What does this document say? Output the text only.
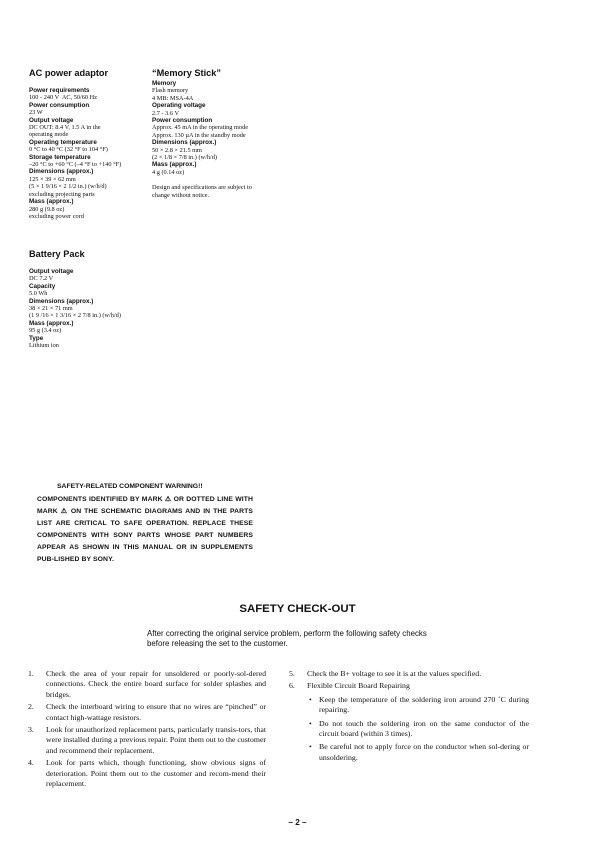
AC power adaptor
Power requirements
100 - 240 V  AC, 50/60 Hz
Power consumption
23 W
Output voltage
DC OUT: 8.4 V, 1.5 A in the
operating mode
Operating temperature
0 °C to 40 °C (32 °F to 104 °F)
Storage temperature
–20 °C to +60 °C (–4 °F to +140 °F)
Dimensions (approx.)
125 × 39 × 62 mm
(5 × 1 9/16 × 2 1/2 in.) (w/h/d)
excluding projecting parts
Mass (approx.)
280 g (9.8 oz)
excluding power cord
“Memory Stick”
Memory
Flash memory
4 MB: MSA-4A
Operating voltage
2.7 - 3.6 V
Power consumption
Approx. 45 mA in the operating mode
Approx. 130 µA in the standby mode
Dimensions (approx.)
50 × 2.8 × 21.5 mm
(2 × 1/8 × 7/8 in.) (w/h/d)
Mass (approx.)
4 g (0.14 oz)
Design and specifications are subject to
change without notice.
Battery Pack
Output voltage
DC 7.2 V
Capacity
5.0 Wh
Dimensions (approx.)
38 × 21 × 71 mm
(1 9 /16 × 1 3/16 × 2 7/8 in.) (w/h/d)
Mass (approx.)
95 g (3.4 oz)
Type
Lithium ion
SAFETY-RELATED COMPONENT WARNING!!
COMPONENTS IDENTIFIED BY MARK ⚠ OR DOTTED LINE WITH MARK ⚠ ON THE SCHEMATIC DIAGRAMS AND IN THE PARTS LIST ARE CRITICAL TO SAFE OPERATION. REPLACE THESE COMPONENTS WITH SONY PARTS WHOSE PART NUMBERS APPEAR AS SHOWN IN THIS MANUAL OR IN SUPPLEMENTS PUB-LISHED BY SONY.
SAFETY CHECK-OUT
After correcting the original service problem, perform the following safety checks before releasing the set to the customer.
1. Check the area of your repair for unsoldered or poorly-sol-dered connections. Check the entire board surface for solder splashes and bridges.
2. Check the interboard wiring to ensure that no wires are “pinched” or contact high-wattage resistors.
3. Look for unauthorized replacement parts, particularly transis-tors, that were installed during a previous repair. Point them out to the customer and recommend their replacement.
4. Look for parts which, though functioning, show obvious signs of deterioration. Point them out to the customer and recom-mend their replacement.
5. Check the B+ voltage to see it is at the values specified.
6. Flexible Circuit Board Repairing
• Keep the temperature of the soldering iron around 270 ˚C during repairing.
• Do not touch the soldering iron on the same conductor of the circuit board (within 3 times).
• Be careful not to apply force on the conductor when sol-dering or unsoldering.
– 2 –
